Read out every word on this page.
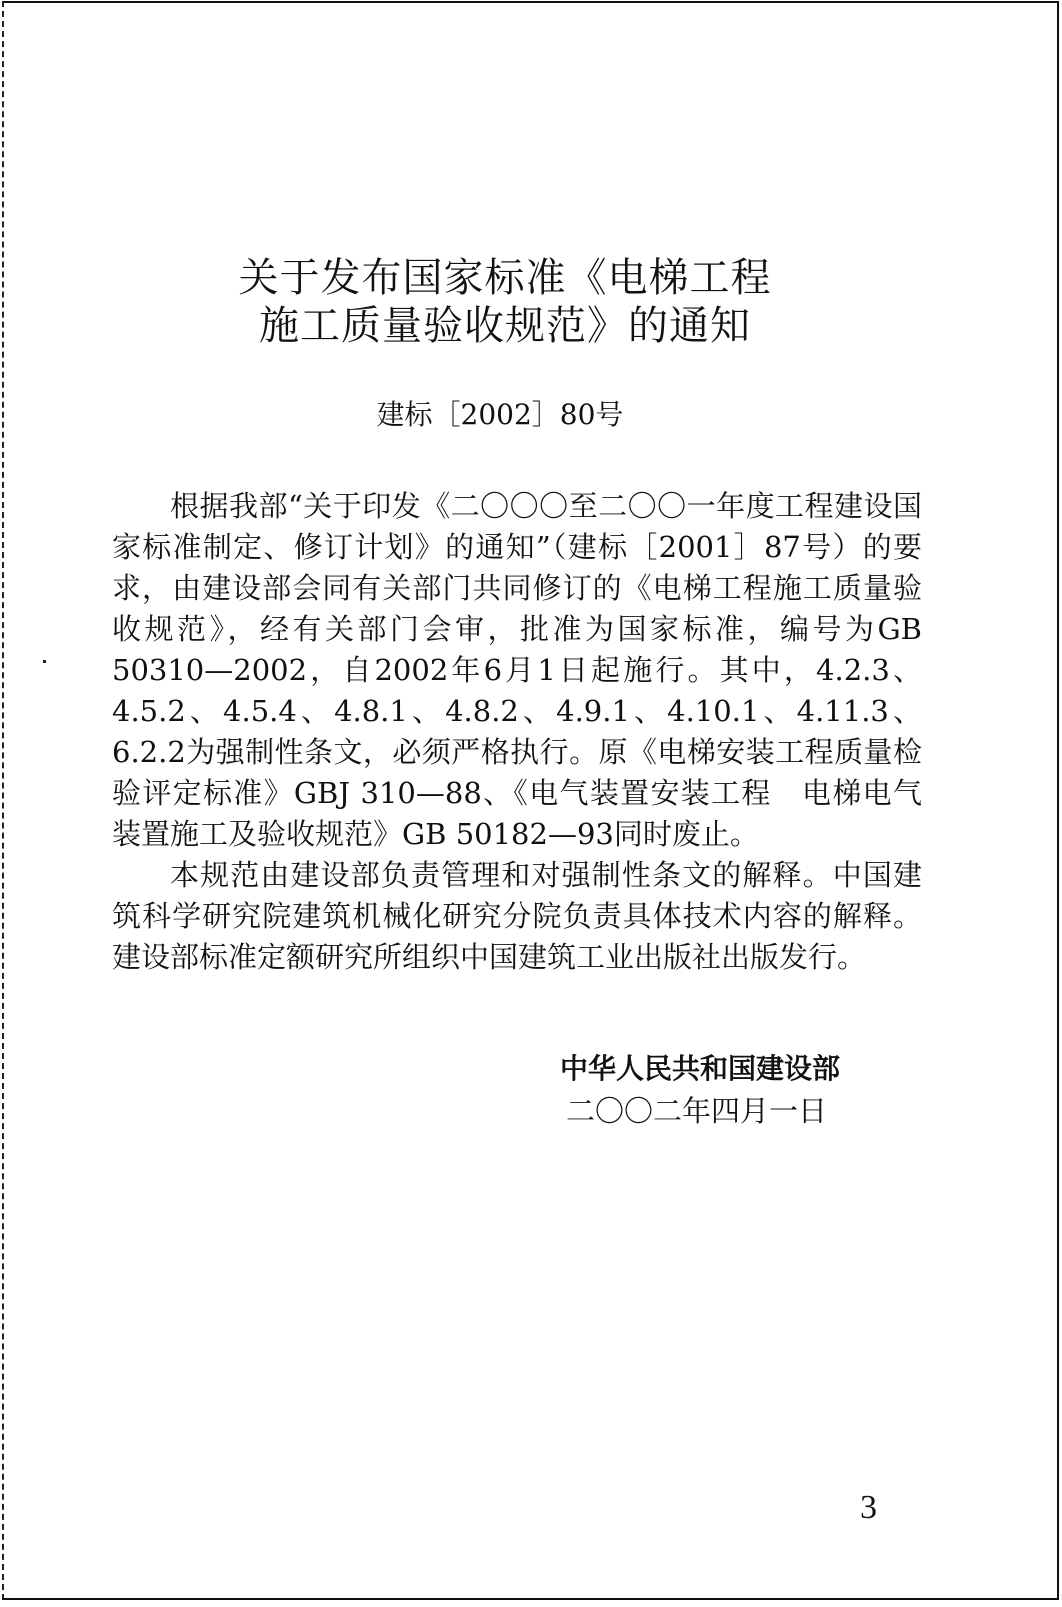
关于发布国家标准《电梯工程
施工质量验收规范》的通知
建标［2002］80号

根据我部“关于印发《二〇〇〇至二〇〇一年度工程建设国家标准制定、修订计划》的通知”（建标［2001］87号）的要求，由建设部会同有关部门共同修订的《电梯工程施工质量验收规范》，经有关部门会审，批准为国家标准，编号为GB 50310—2002，自2002年6月1日起施行。其中，4.2.3、4.5.2、4.5.4、4.8.1、4.8.2、4.9.1、4.10.1、4.11.3、6.2.2为强制性条文，必须严格执行。原《电梯安装工程质量检验评定标准》GBJ 310—88、《电气装置安装工程　电梯电气装置施工及验收规范》GB 50182—93同时废止。

本规范由建设部负责管理和对强制性条文的解释。中国建筑科学研究院建筑机械化研究分院负责具体技术内容的解释。建设部标准定额研究所组织中国建筑工业出版社出版发行。

中华人民共和国建设部
二〇〇二年四月一日
3
